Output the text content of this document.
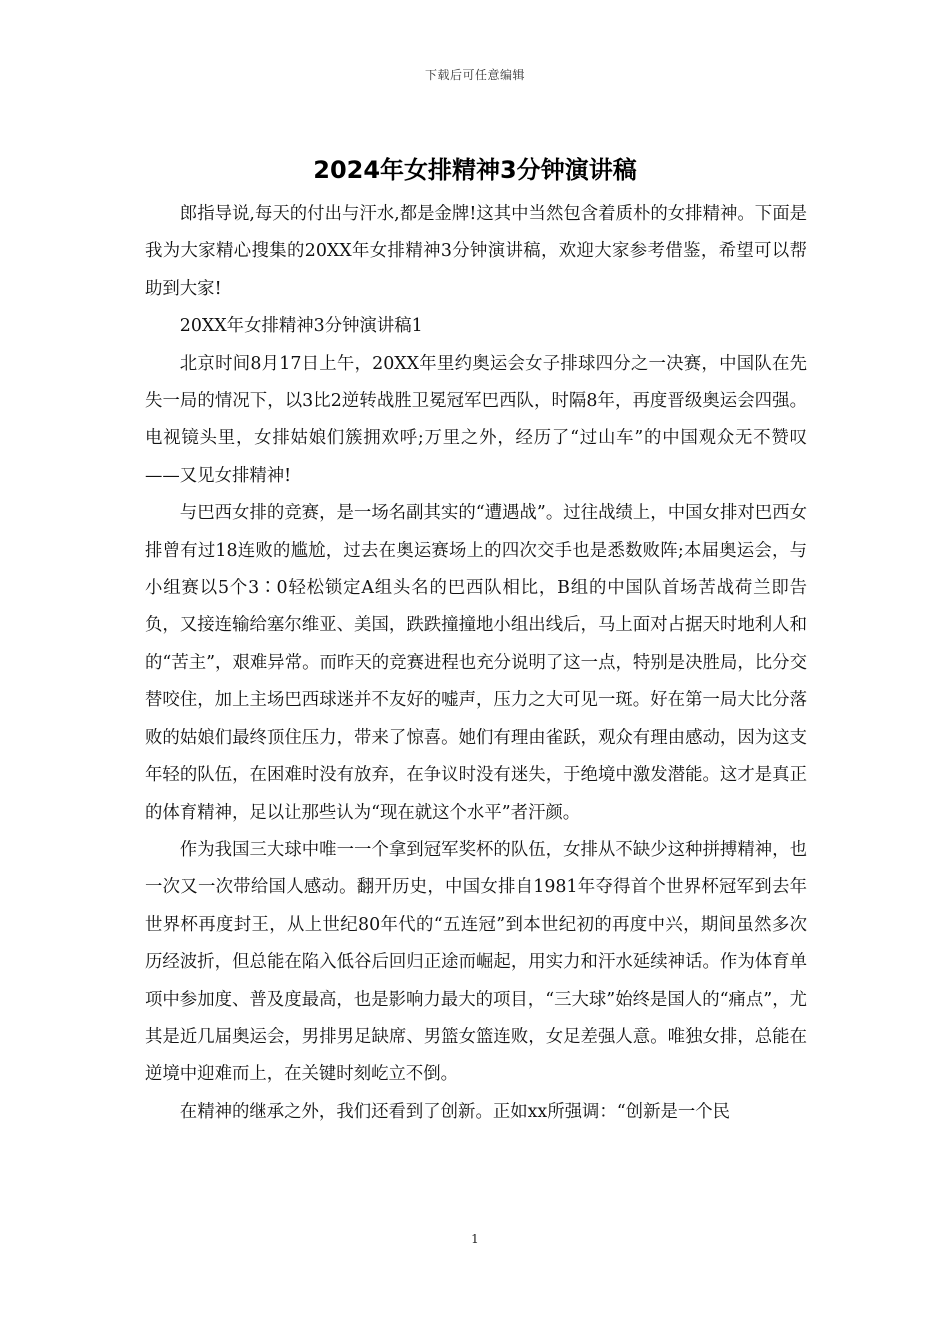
下载后可任意编辑
2024年女排精神3分钟演讲稿

郎指导说,每天的付出与汗水,都是金牌!这其中当然包含着质朴的女排精神。下面是我为大家精心搜集的20XX年女排精神3分钟演讲稿，欢迎大家参考借鉴，希望可以帮助到大家!

20XX年女排精神3分钟演讲稿1

北京时间8月17日上午，20XX年里约奥运会女子排球四分之一决赛，中国队在先失一局的情况下，以3比2逆转战胜卫冕冠军巴西队，时隔8年，再度晋级奥运会四强。电视镜头里，女排姑娘们簇拥欢呼;万里之外，经历了“过山车”的中国观众无不赞叹——又见女排精神!

与巴西女排的竞赛，是一场名副其实的“遭遇战”。过往战绩上，中国女排对巴西女排曾有过18连败的尴尬，过去在奥运赛场上的四次交手也是悉数败阵;本届奥运会，与小组赛以5个3∶0轻松锁定A组头名的巴西队相比，B组的中国队首场苦战荷兰即告负，又接连输给塞尔维亚、美国，跌跌撞撞地小组出线后，马上面对占据天时地利人和的“苦主”，艰难异常。而昨天的竞赛进程也充分说明了这一点，特别是决胜局，比分交替咬住，加上主场巴西球迷并不友好的嘘声，压力之大可见一斑。好在第一局大比分落败的姑娘们最终顶住压力，带来了惊喜。她们有理由雀跃，观众有理由感动，因为这支年轻的队伍，在困难时没有放弃，在争议时没有迷失，于绝境中激发潜能。这才是真正的体育精神，足以让那些认为“现在就这个水平”者汗颜。

作为我国三大球中唯一一个拿到冠军奖杯的队伍，女排从不缺少这种拼搏精神，也一次又一次带给国人感动。翻开历史，中国女排自1981年夺得首个世界杯冠军到去年世界杯再度封王，从上世纪80年代的“五连冠”到本世纪初的再度中兴，期间虽然多次历经波折，但总能在陷入低谷后回归正途而崛起，用实力和汗水延续神话。作为体育单项中参加度、普及度最高，也是影响力最大的项目，“三大球”始终是国人的“痛点”，尤其是近几届奥运会，男排男足缺席、男篮女篮连败，女足差强人意。唯独女排，总能在逆境中迎难而上，在关键时刻屹立不倒。

在精神的继承之外，我们还看到了创新。正如xx所强调：“创新是一个民

1
